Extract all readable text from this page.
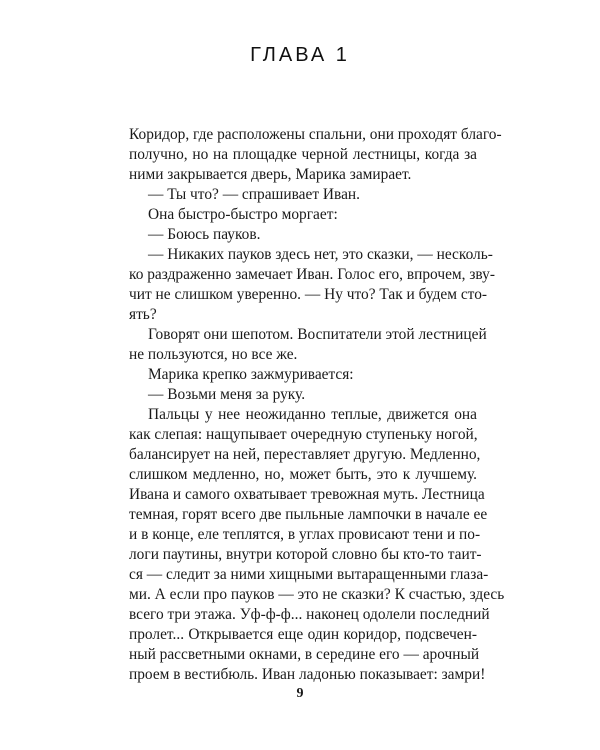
ГЛАВА 1
Коридор, где расположены спальни, они проходят благо-
получно, но на площадке черной лестницы, когда за
ними закрывается дверь, Марика замирает.
— Ты что? — спрашивает Иван.
Она быстро-быстро моргает:
— Боюсь пауков.
— Никаких пауков здесь нет, это сказки, — несколь-
ко раздраженно замечает Иван. Голос его, впрочем, зву-
чит не слишком уверенно. — Ну что? Так и будем сто-
ять?
Говорят они шепотом. Воспитатели этой лестницей
не пользуются, но все же.
Марика крепко зажмуривается:
— Возьми меня за руку.
Пальцы у нее неожиданно теплые, движется она
как слепая: нащупывает очередную ступеньку ногой,
балансирует на ней, переставляет другую. Медленно,
слишком медленно, но, может быть, это к лучшему.
Ивана и самого охватывает тревожная муть. Лестница
темная, горят всего две пыльные лампочки в начале ее
и в конце, еле теплятся, в углах провисают тени и по-
логи паутины, внутри которой словно бы кто-то таит-
ся — следит за ними хищными вытаращенными глаза-
ми. А если про пауков — это не сказки? К счастью, здесь
всего три этажа. Уф-ф-ф... наконец одолели последний
пролет... Открывается еще один коридор, подсвечен-
ный рассветными окнами, в середине его — арочный
проем в вестибюль. Иван ладонью показывает: замри!
9
